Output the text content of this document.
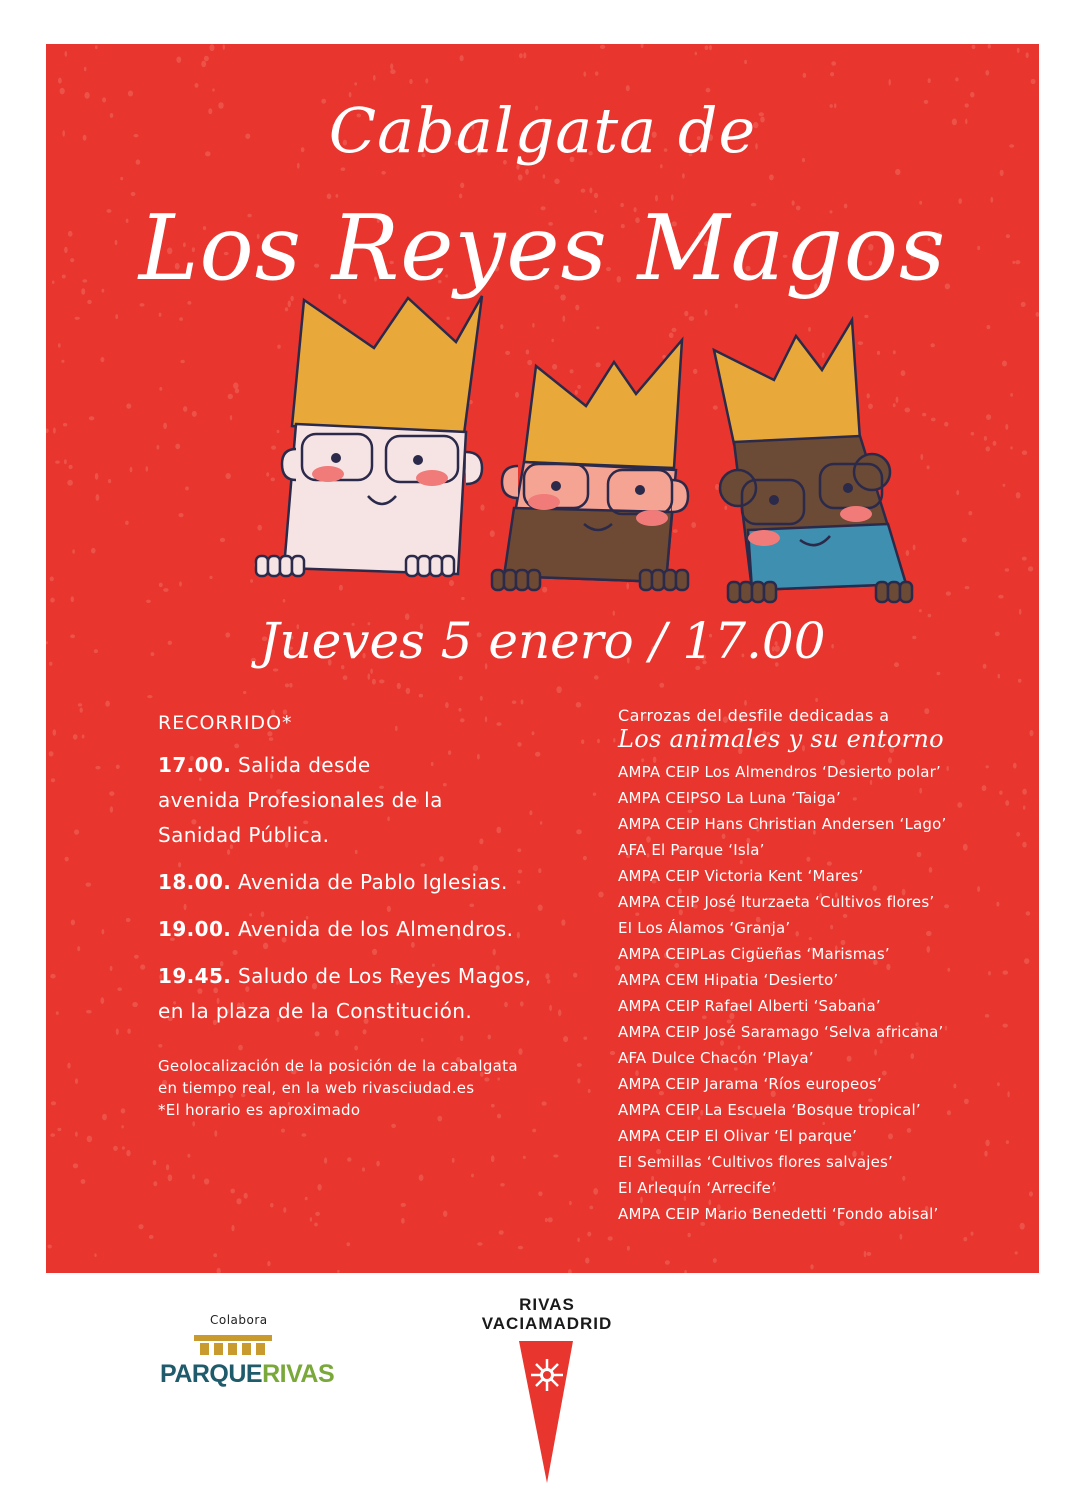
Cabalgata de
Los Reyes Magos
Jueves 5 enero / 17.00
RECORRIDO*
17.00. Salida desde
avenida Profesionales de la
Sanidad Pública.
18.00. Avenida de Pablo Iglesias.
19.00. Avenida de los Almendros.
19.45. Saludo de Los Reyes Magos,
en la plaza de la Constitución.
Geolocalización de la posición de la cabalgata
en tiempo real, en la web rivasciudad.es
*El horario es aproximado
Carrozas del desfile dedicadas a
Los animales y su entorno
AMPA CEIP Los Almendros ‘Desierto polar’
AMPA CEIPSO La Luna ‘Taiga’
AMPA CEIP Hans Christian Andersen ‘Lago’
AFA El Parque ‘Isla’
AMPA CEIP Victoria Kent ‘Mares’
AMPA CEIP José Iturzaeta ‘Cultivos flores’
EI Los Álamos ‘Granja’
AMPA CEIPLas Cigüeñas ‘Marismas’
AMPA CEM Hipatia ‘Desierto’
AMPA CEIP Rafael Alberti ‘Sabana’
AMPA CEIP José Saramago ‘Selva africana’
AFA Dulce Chacón ‘Playa’
AMPA CEIP Jarama ‘Ríos europeos’
AMPA CEIP La Escuela ‘Bosque tropical’
AMPA CEIP El Olivar ‘El parque’
EI Semillas ‘Cultivos flores salvajes’
EI Arlequín ‘Arrecife’
AMPA CEIP Mario Benedetti ‘Fondo abisal’
Colabora
PARQUERIVAS
RIVAS
VACIAMADRID
